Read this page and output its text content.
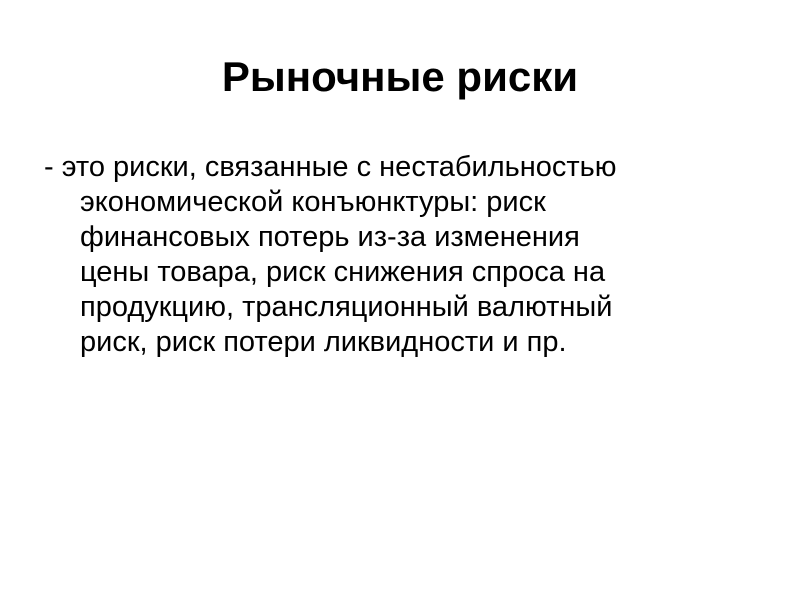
Рыночные риски

- это риски, связанные с нестабильностью

экономической конъюнктуры: риск

финансовых потерь из-за изменения

цены товара, риск снижения спроса на

продукцию, трансляционный валютный

риск, риск потери ликвидности и пр.
